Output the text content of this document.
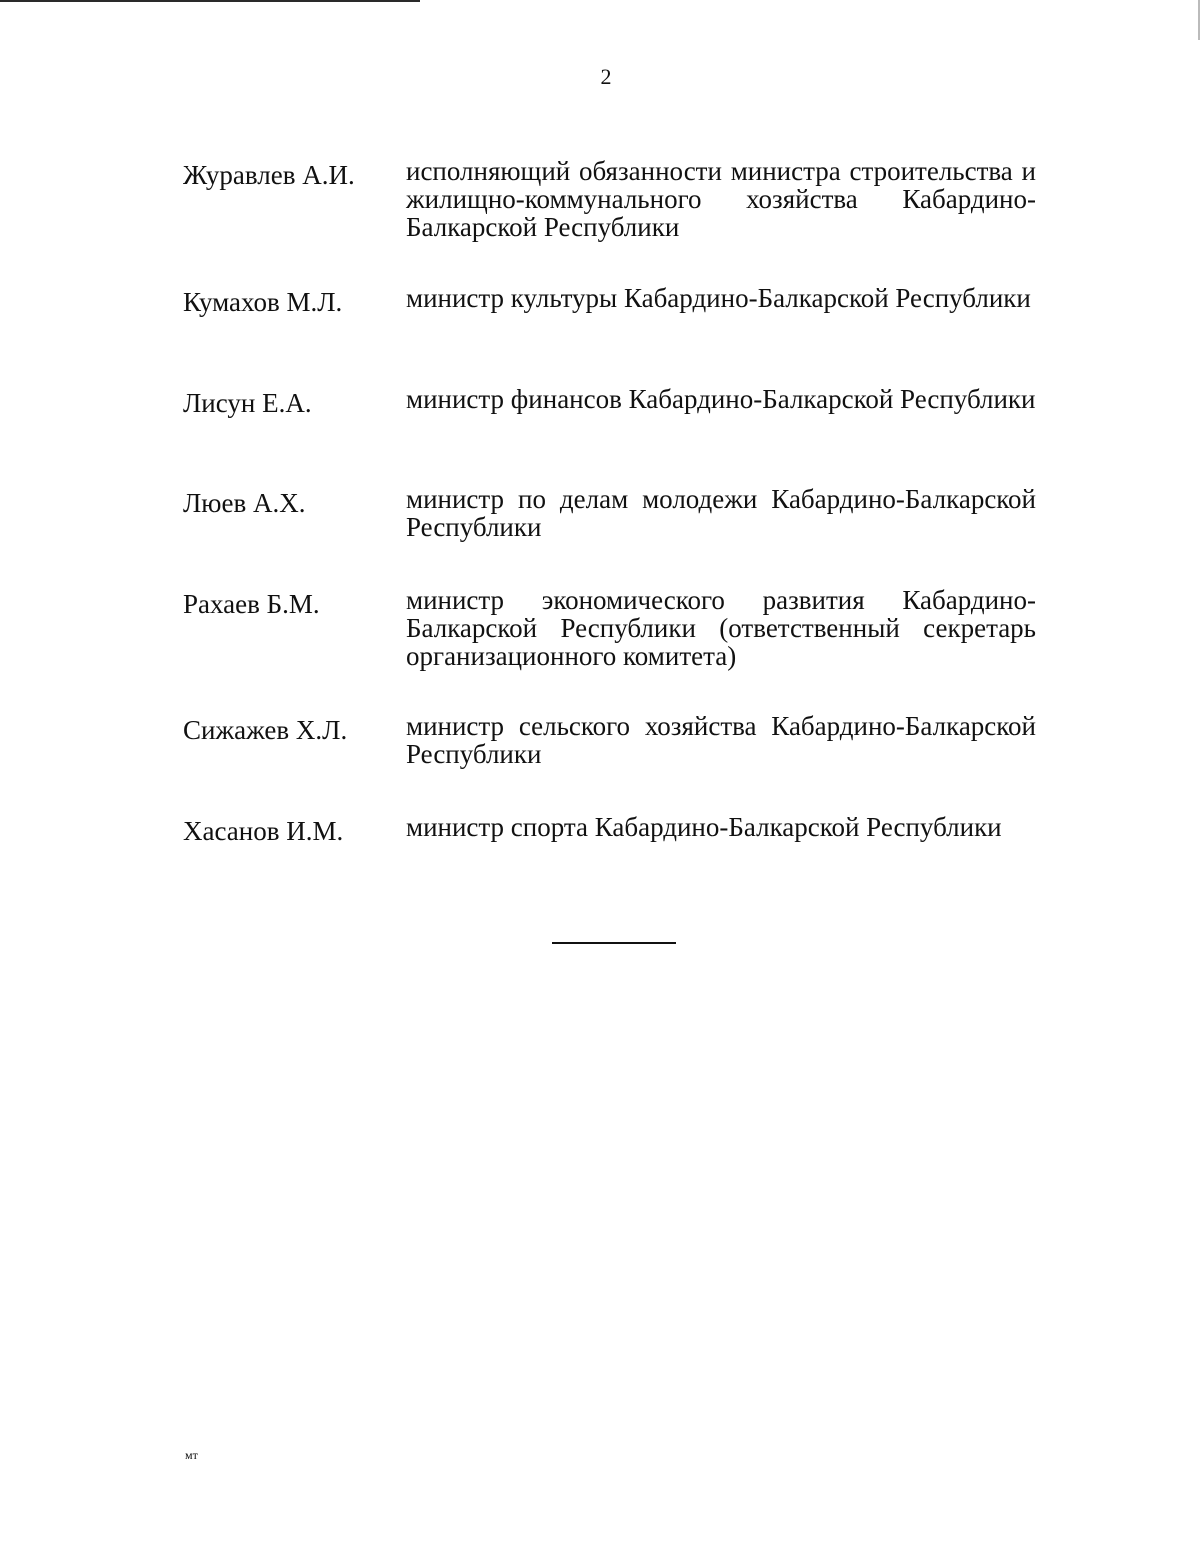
2
Журавлев А.И. исполняющий обязанности министра строительства и жилищно-коммунального хозяйства Кабардино-Балкарской Республики
Кумахов М.Л. министр культуры Кабардино-Балкарской Республики
Лисун Е.А.	министр финансов Кабардино-Балкарской Республики
Люев А.Х.	министр по делам молодежи Кабардино-Балкарской Республики
Рахаев Б.М.	министр экономического развития Кабардино-Балкарской Республики (ответственный секретарь организационного комитета)
Сижажев Х.Л. министр сельского хозяйства Кабардино-Балкарской Республики
Хасанов И.М. министр спорта Кабардино-Балкарской Республики
мт
